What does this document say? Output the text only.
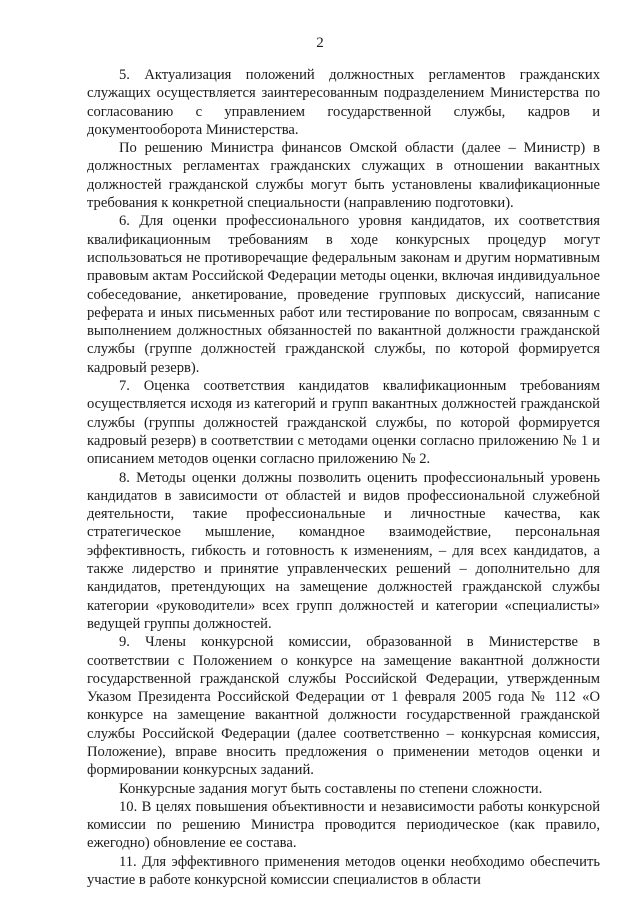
2

5. Актуализация положений должностных регламентов гражданских служащих осуществляется заинтересованным подразделением Министерства по согласованию с управлением государственной службы, кадров и документооборота Министерства.

По решению Министра финансов Омской области (далее – Министр) в должностных регламентах гражданских служащих в отношении вакантных должностей гражданской службы могут быть установлены квалификационные требования к конкретной специальности (направлению подготовки).

6. Для оценки профессионального уровня кандидатов, их соответствия квалификационным требованиям в ходе конкурсных процедур могут использоваться не противоречащие федеральным законам и другим нормативным правовым актам Российской Федерации методы оценки, включая индивидуальное собеседование, анкетирование, проведение групповых дискуссий, написание реферата и иных письменных работ или тестирование по вопросам, связанным с выполнением должностных обязанностей по вакантной должности гражданской службы (группе должностей гражданской службы, по которой формируется кадровый резерв).

7. Оценка соответствия кандидатов квалификационным требованиям осуществляется исходя из категорий и групп вакантных должностей гражданской службы (группы должностей гражданской службы, по которой формируется кадровый резерв) в соответствии с методами оценки согласно приложению № 1 и описанием методов оценки согласно приложению № 2.

8. Методы оценки должны позволить оценить профессиональный уровень кандидатов в зависимости от областей и видов профессиональной служебной деятельности, такие профессиональные и личностные качества, как стратегическое мышление, командное взаимодействие, персональная эффективность, гибкость и готовность к изменениям, – для всех кандидатов, а также лидерство и принятие управленческих решений – дополнительно для кандидатов, претендующих на замещение должностей гражданской службы категории «руководители» всех групп должностей и категории «специалисты» ведущей группы должностей.

9. Члены конкурсной комиссии, образованной в Министерстве в соответствии с Положением о конкурсе на замещение вакантной должности государственной гражданской службы Российской Федерации, утвержденным Указом Президента Российской Федерации от 1 февраля 2005 года № 112 «О конкурсе на замещение вакантной должности государственной гражданской службы Российской Федерации (далее соответственно – конкурсная комиссия, Положение), вправе вносить предложения о применении методов оценки и формировании конкурсных заданий.

Конкурсные задания могут быть составлены по степени сложности.

10. В целях повышения объективности и независимости работы конкурсной комиссии по решению Министра проводится периодическое (как правило, ежегодно) обновление ее состава.

11. Для эффективного применения методов оценки необходимо обеспечить участие в работе конкурсной комиссии специалистов в области
